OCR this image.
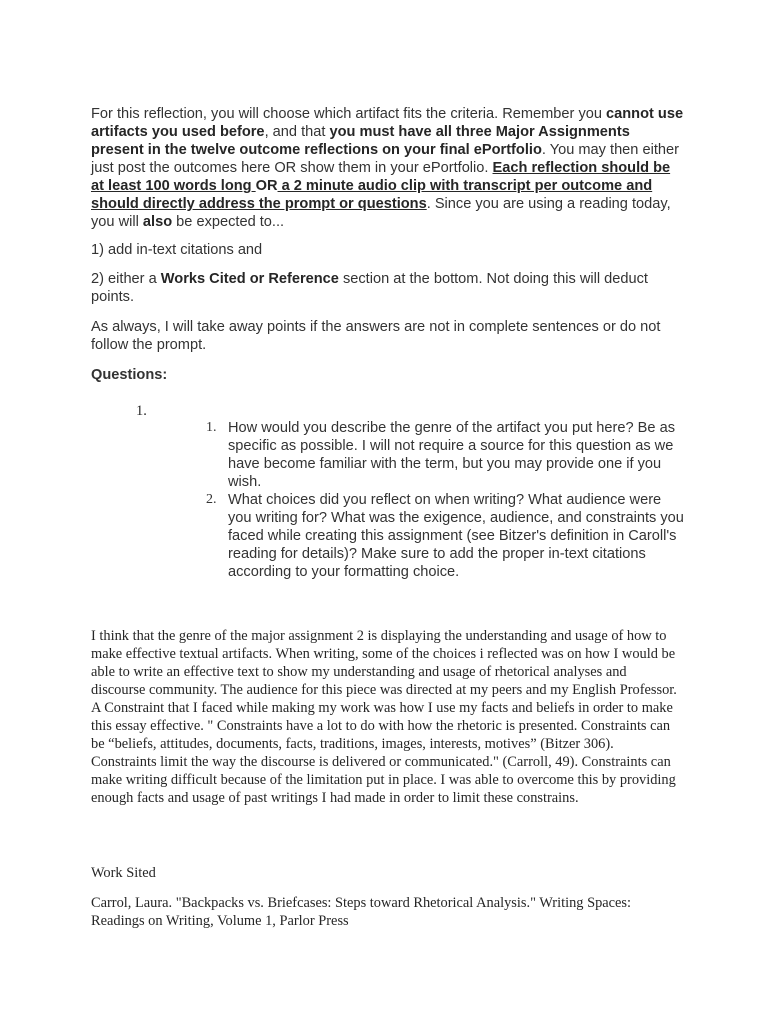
For this reflection, you will choose which artifact fits the criteria. Remember you cannot use artifacts you used before, and that you must have all three Major Assignments present in the twelve outcome reflections on your final ePortfolio. You may then either just post the outcomes here OR show them in your ePortfolio. Each reflection should be at least 100 words long OR a 2 minute audio clip with transcript per outcome and should directly address the prompt or questions. Since you are using a reading today, you will also be expected to...

1) add in-text citations and

2) either a Works Cited or Reference section at the bottom. Not doing this will deduct points.

As always, I will take away points if the answers are not in complete sentences or do not follow the prompt.

Questions:

1.
1. How would you describe the genre of the artifact you put here? Be as specific as possible. I will not require a source for this question as we have become familiar with the term, but you may provide one if you wish.
2. What choices did you reflect on when writing? What audience were you writing for? What was the exigence, audience, and constraints you faced while creating this assignment (see Bitzer's definition in Caroll's reading for details)? Make sure to add the proper in-text citations according to your formatting choice.

I think that the genre of the major assignment 2 is displaying the understanding and usage of how to make effective textual artifacts. When writing, some of the choices i reflected was on how I would be able to write an effective text to show my understanding and usage of rhetorical analyses and discourse community. The audience for this piece was directed at my peers and my English Professor. A Constraint that I faced while making my work was how I use my facts and beliefs in order to make this essay effective. " Constraints have a lot to do with how the rhetoric is presented. Constraints can be “beliefs, attitudes, documents, facts, traditions, images, interests, motives” (Bitzer 306). Constraints limit the way the discourse is delivered or communicated." (Carroll, 49). Constraints can make writing difficult because of the limitation put in place. I was able to overcome this by providing enough facts and usage of past writings I had made in order to limit these constrains.

Work Sited

Carrol, Laura. "Backpacks vs. Briefcases: Steps toward Rhetorical Analysis." Writing Spaces: Readings on Writing, Volume 1, Parlor Press
